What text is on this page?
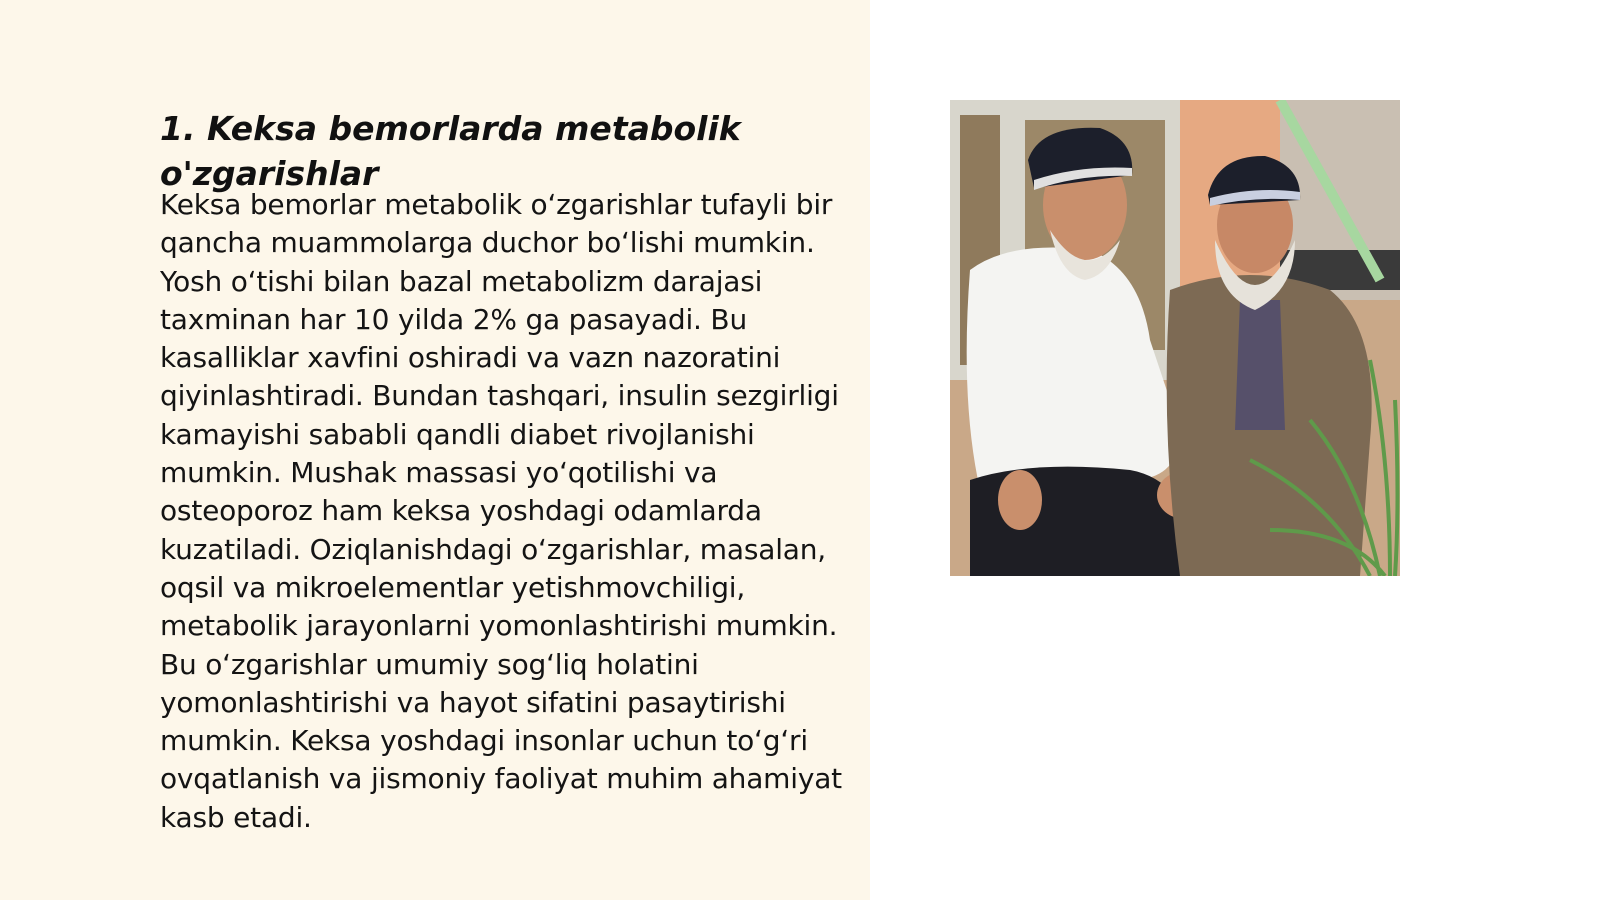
1. Keksa bemorlarda metabolik o'zgarishlar

Keksa bemorlar metabolik oʻzgarishlar tufayli bir qancha muammolarga duchor boʻlishi mumkin. Yosh oʻtishi bilan bazal metabolizm darajasi taxminan har 10 yilda 2% ga pasayadi. Bu kasalliklar xavfini oshiradi va vazn nazoratini qiyinlashtiradi. Bundan tashqari, insulin sezgirligi kamayishi sababli qandli diabet rivojlanishi mumkin. Mushak massasi yoʻqotilishi va osteoporoz ham keksa yoshdagi odamlarda kuzatiladi. Oziqlanishdagi oʻzgarishlar, masalan, oqsil va mikroelementlar yetishmovchiligi, metabolik jarayonlarni yomonlashtirishi mumkin. Bu oʻzgarishlar umumiy sogʻliq holatini yomonlashtirishi va hayot sifatini pasaytirishi mumkin. Keksa yoshdagi insonlar uchun toʻgʻri ovqatlanish va jismoniy faoliyat muhim ahamiyat kasb etadi.
